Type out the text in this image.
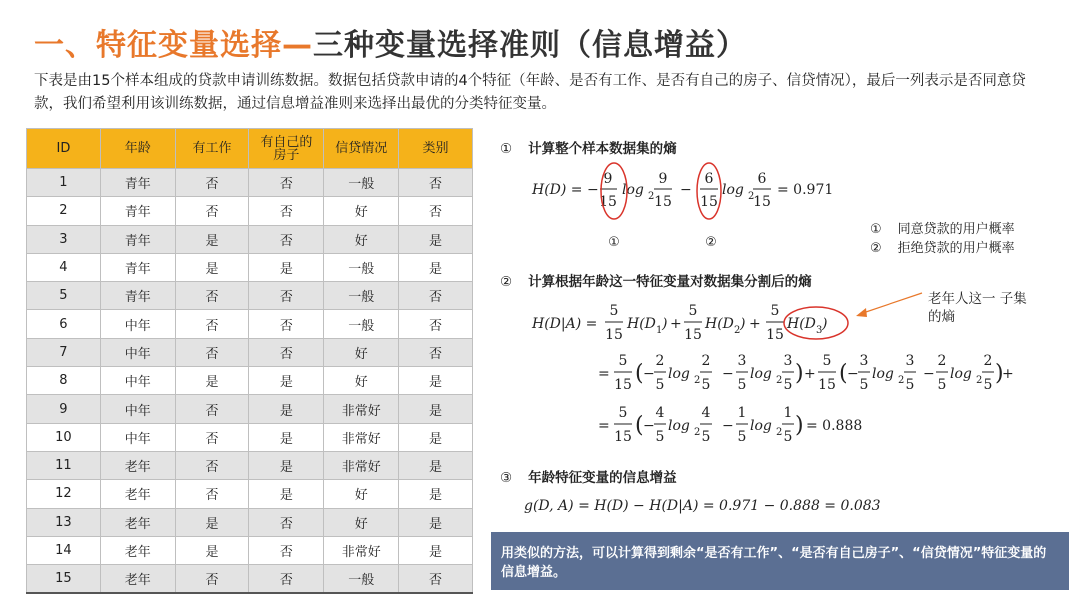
一、特征变量选择—三种变量选择准则（信息增益）
下表是由15个样本组成的贷款申请训练数据。数据包括贷款申请的4个特征（年龄、是否有工作、是否有自己的房子、信贷情况），最后一列表示是否同意贷款，我们希望利用该训练数据，通过信息增益准则来选择出最优的分类特征变量。
ID	年龄	有工作	有自己的房子	信贷情况	类别
1	青年	否	否	一般	否
2	青年	否	否	好	否
3	青年	是	否	好	是
4	青年	是	是	一般	是
5	青年	否	否	一般	否
6	中年	否	否	一般	否
7	中年	否	否	好	否
8	中年	是	是	好	是
9	中年	否	是	非常好	是
10	中年	否	是	非常好	是
11	老年	否	是	非常好	是
12	老年	否	是	好	是
13	老年	是	否	好	是
14	老年	是	否	非常好	是
15	老年	否	否	一般	否
① 计算整个样本数据集的熵
② 计算根据年龄这一特征变量对数据集分割后的熵
③ 年龄特征变量的信息增益
① 同意贷款的用户概率
② 拒绝贷款的用户概率
老年人这一 子集的熵
H(D) = −
9
15
log 2
9
15
−
6
15
log 2
6
15
= 0.971
①	②
H(D|A) =
5
15
H(D 1 ) +
5
15
H(D 2 ) +
5
15
H(D 3 )
=
5
15 ( −
2
5
log 2
2
5
−
3
5
log 2
3
5 ) +
5
15 ( −
3
5
log 2
3
5
−
2
5
log 2
2
5 )
+
=
5
15 ( −
4
5
log 2
4
5
−
1
5
log 2
1
5 ) = 0.888
g(D, A) = H(D) − H(D|A) = 0.971 − 0.888 = 0.083
用类似的方法，可以计算得到剩余“是否有工作”、“是否有自己房子”、“信贷情况”特征变量的信息增益。
